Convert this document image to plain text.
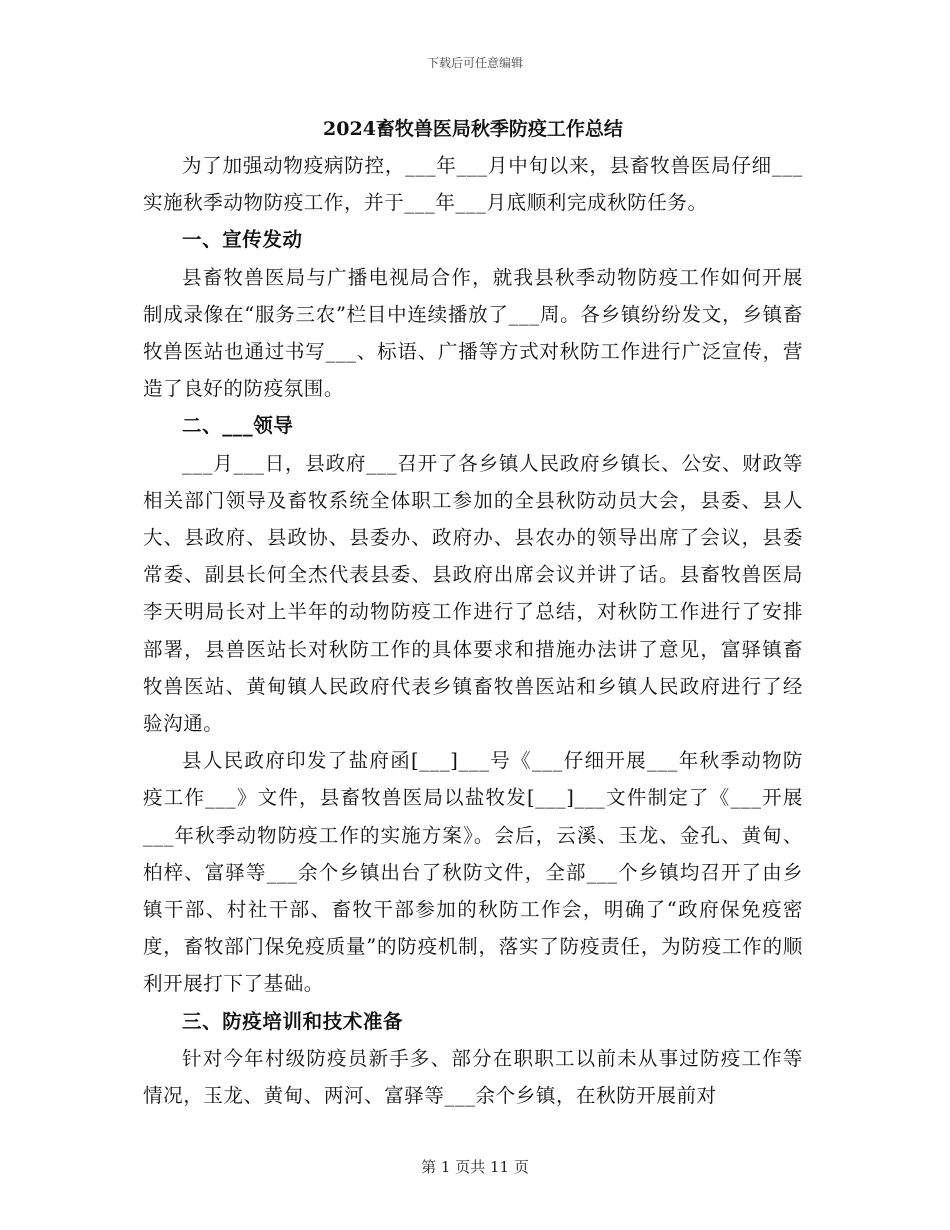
下载后可任意编辑
2024畜牧兽医局秋季防疫工作总结

为了加强动物疫病防控，___年___月中旬以来，县畜牧兽医局仔细___实施秋季动物防疫工作，并于___年___月底顺利完成秋防任务。

一、宣传发动

县畜牧兽医局与广播电视局合作，就我县秋季动物防疫工作如何开展制成录像在“服务三农”栏目中连续播放了___周。各乡镇纷纷发文，乡镇畜牧兽医站也通过书写___、标语、广播等方式对秋防工作进行广泛宣传，营造了良好的防疫氛围。

二、___领导

___月___日，县政府___召开了各乡镇人民政府乡镇长、公安、财政等相关部门领导及畜牧系统全体职工参加的全县秋防动员大会，县委、县人大、县政府、县政协、县委办、政府办、县农办的领导出席了会议，县委常委、副县长何全杰代表县委、县政府出席会议并讲了话。县畜牧兽医局李天明局长对上半年的动物防疫工作进行了总结，对秋防工作进行了安排部署，县兽医站长对秋防工作的具体要求和措施办法讲了意见，富驿镇畜牧兽医站、黄甸镇人民政府代表乡镇畜牧兽医站和乡镇人民政府进行了经验沟通。

县人民政府印发了盐府函[___]___号《___仔细开展___年秋季动物防疫工作___》文件，县畜牧兽医局以盐牧发[___]___文件制定了《___开展___年秋季动物防疫工作的实施方案》。会后，云溪、玉龙、金孔、黄甸、柏梓、富驿等___余个乡镇出台了秋防文件，全部___个乡镇均召开了由乡镇干部、村社干部、畜牧干部参加的秋防工作会，明确了“政府保免疫密度，畜牧部门保免疫质量”的防疫机制，落实了防疫责任，为防疫工作的顺利开展打下了基础。

三、防疫培训和技术准备

针对今年村级防疫员新手多、部分在职职工以前未从事过防疫工作等情况，玉龙、黄甸、两河、富驿等___余个乡镇，在秋防开展前对

第 1 页共 11 页
